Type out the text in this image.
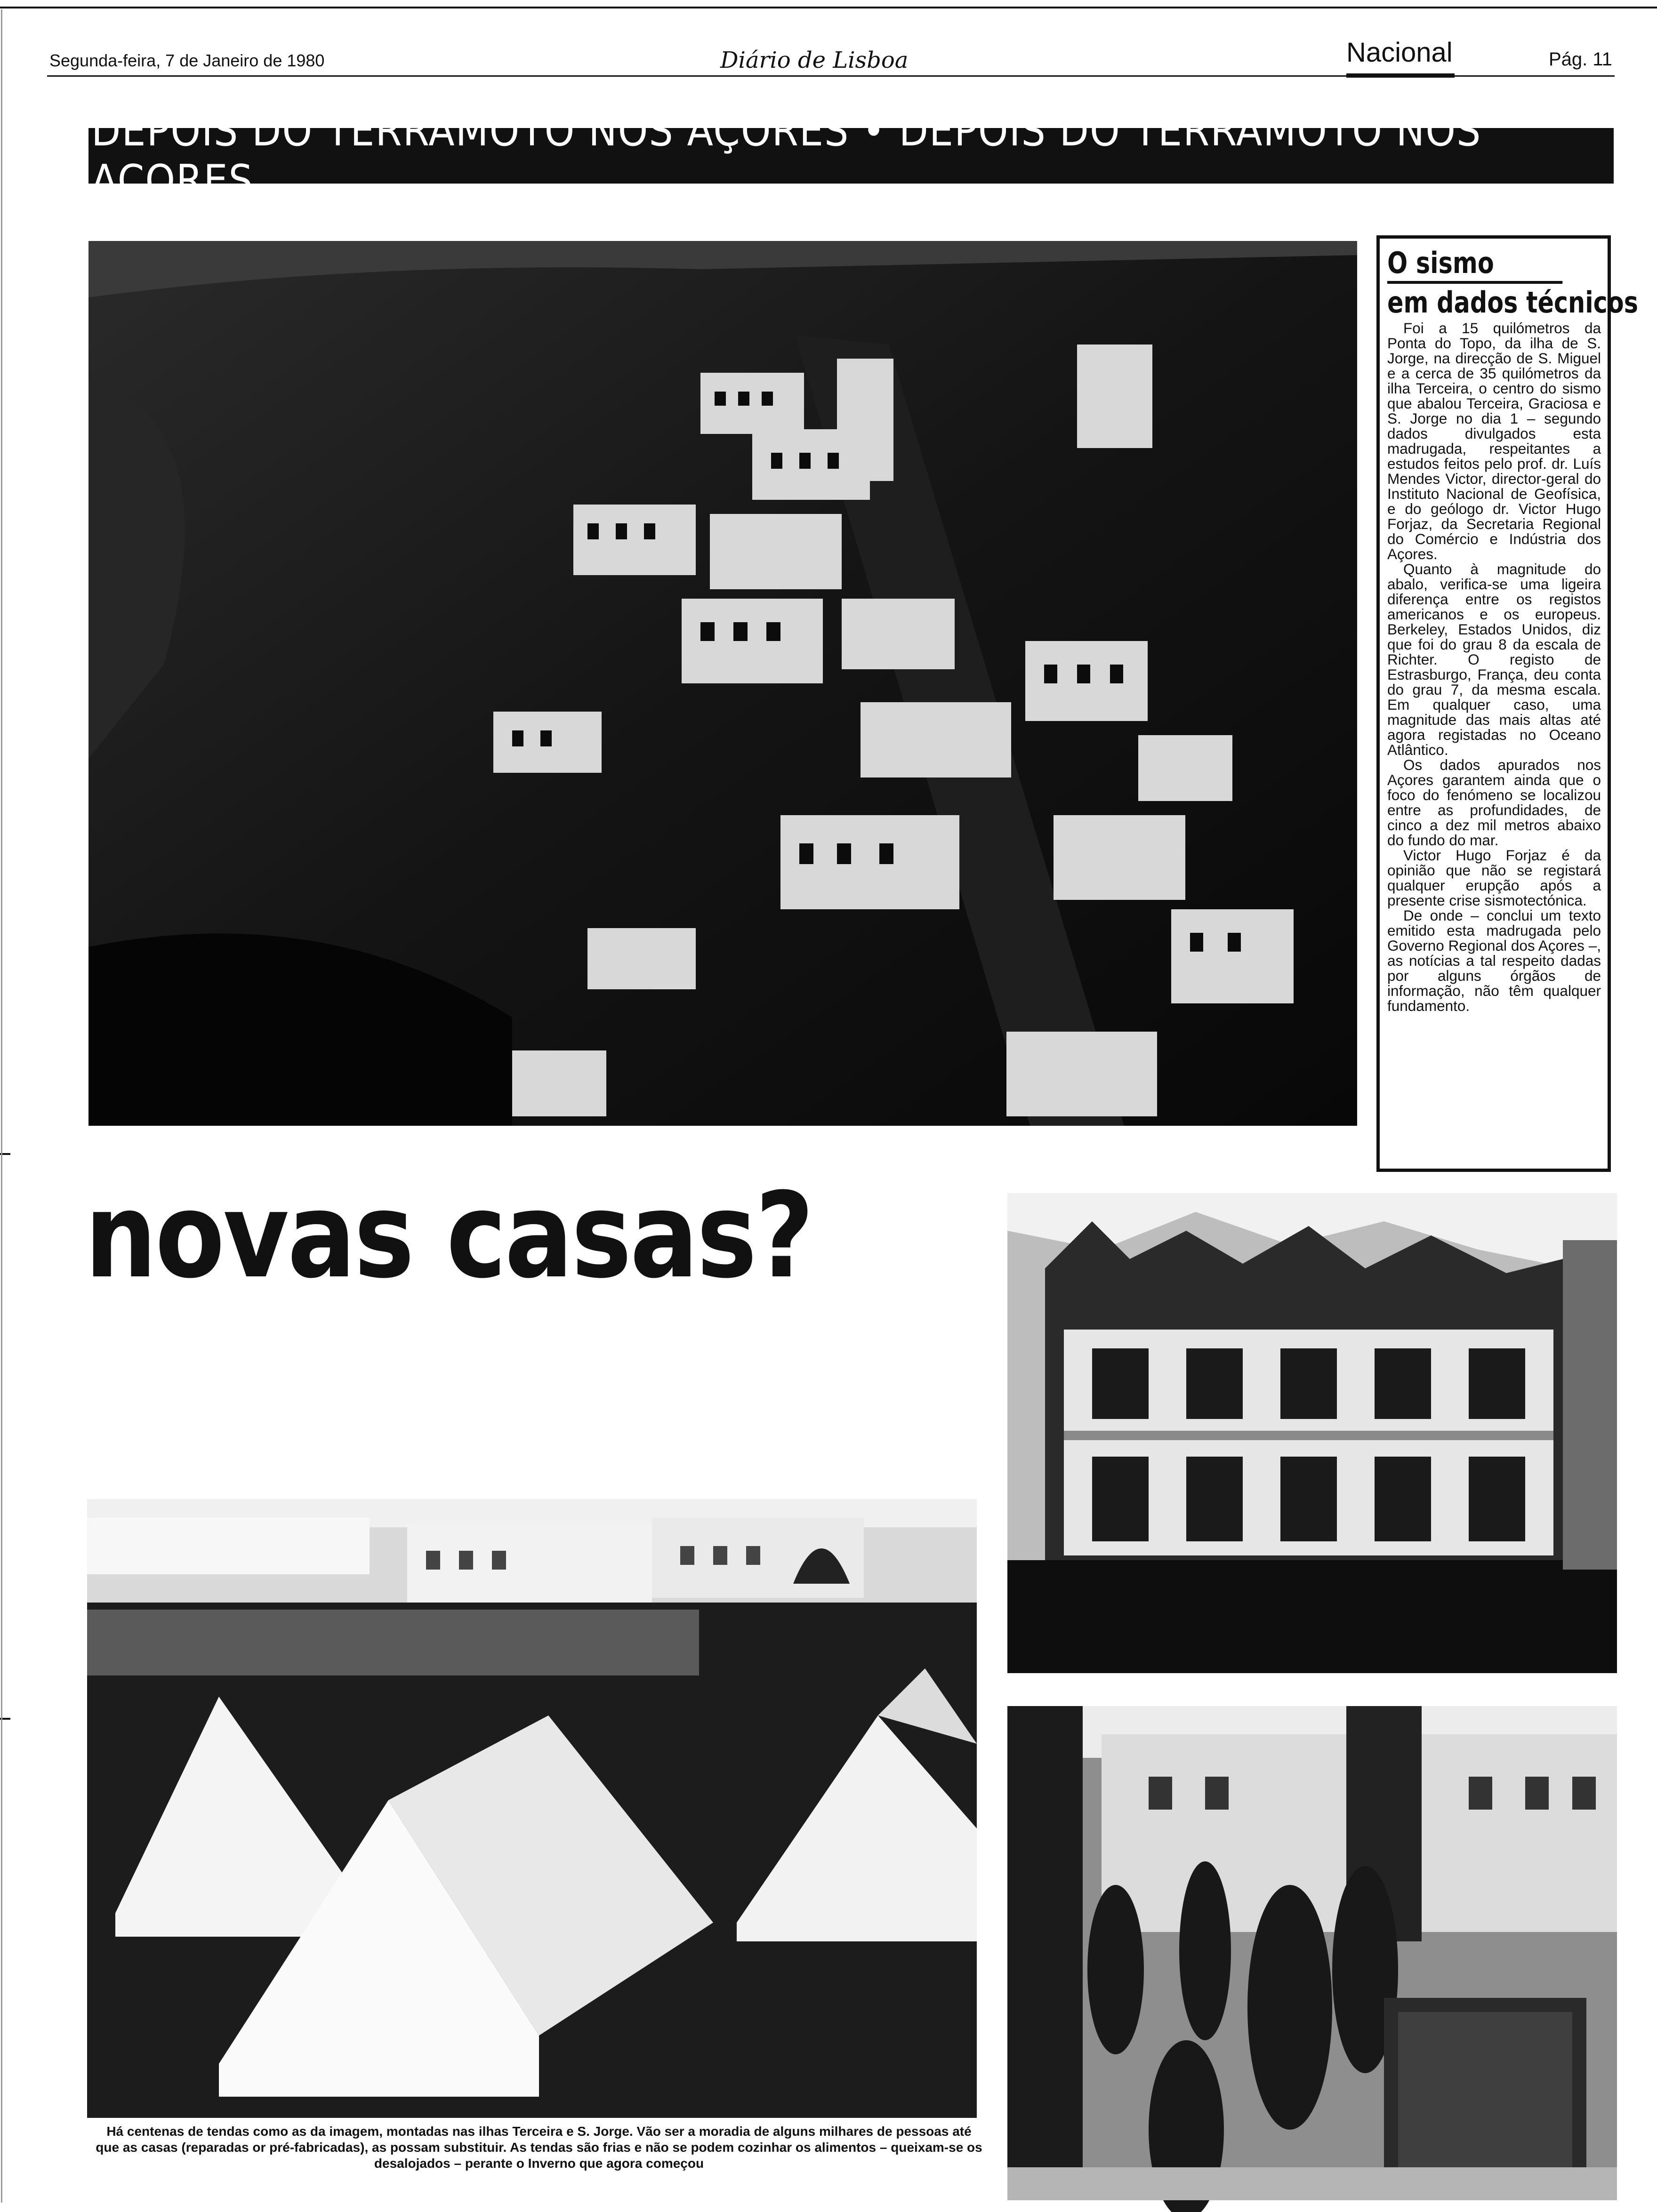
Segunda-feira, 7 de Janeiro de 1980	Diário de Lisboa	Nacional	Pág. 11
DEPOIS DO TERRAMOTO NOS AÇORES • DEPOIS DO TERRAMOTO NOS AÇORES
O sismo
em dados técnicos

Foi a 15 quilómetros da Ponta do Topo, da ilha de S. Jorge, na direcção de S. Miguel e a cerca de 35 quilómetros da ilha Terceira, o centro do sismo que abalou Terceira, Graciosa e S. Jorge no dia 1 – segundo dados divulgados esta madrugada, respeitantes a estudos feitos pelo prof. dr. Luís Mendes Victor, director-geral do Instituto Nacional de Geofísica, e do geólogo dr. Victor Hugo Forjaz, da Secretaria Regional do Comércio e Indústria dos Açores.

Quanto à magnitude do abalo, verifica-se uma ligeira diferença entre os registos americanos e os europeus. Berkeley, Estados Unidos, diz que foi do grau 8 da escala de Richter. O registo de Estrasburgo, França, deu conta do grau 7, da mesma escala. Em qualquer caso, uma magnitude das mais altas até agora registadas no Oceano Atlântico.

Os dados apurados nos Açores garantem ainda que o foco do fenómeno se localizou entre as profundidades, de cinco a dez mil metros abaixo do fundo do mar.

Victor Hugo Forjaz é da opinião que não se registará qualquer erupção após a presente crise sismotectónica.

De onde – conclui um texto emitido esta madrugada pelo Governo Regional dos Açores –, as notícias a tal respeito dadas por alguns órgãos de informação, não têm qualquer fundamento.

novas casas?
Há centenas de tendas como as da imagem, montadas nas ilhas Terceira e S. Jorge. Vão ser a moradia de alguns milhares de pessoas até que as casas (reparadas or pré-fabricadas), as possam substituir. As tendas são frias e não se podem cozinhar os alimentos – queixam-se os desalojados – perante o Inverno que agora começou
